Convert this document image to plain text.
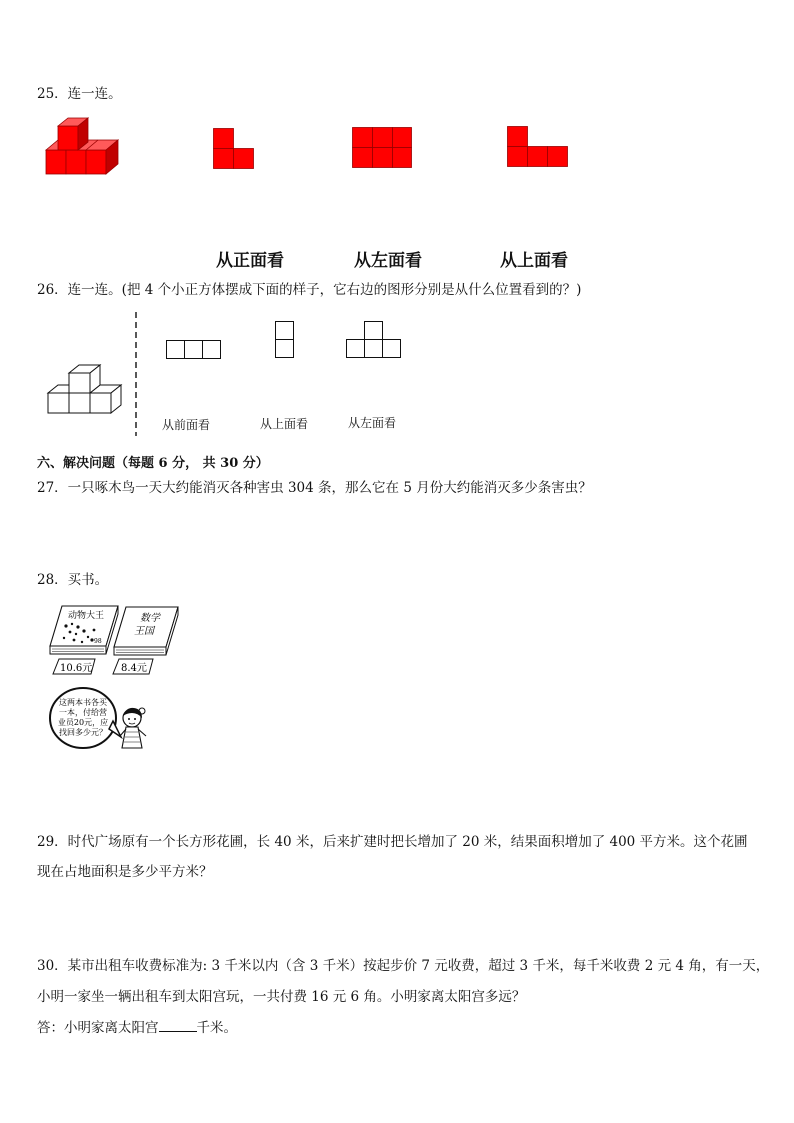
25．连一连。
从正面看	从左面看	从上面看
26．连一连。(把 4 个小正方体摆成下面的样子，它右边的图形分别是从什么位置看到的？)
从前面看	从上面看	从左面看
六、解决问题（每题 6 分， 共 30 分）
27．一只啄木鸟一天大约能消灭各种害虫 304 条，那么它在 5 月份大约能消灭多少条害虫？
28．买书。
动物大王
98
数学
王国
10.6元	8.4元
这两本书各买
一本，付给营
业员20元，应
找回多少元？
29．时代广场原有一个长方形花圃，长 40 米，后来扩建时把长增加了 20 米，结果面积增加了 400 平方米。这个花圃
现在占地面积是多少平方米？
30．某市出租车收费标准为: 3 千米以内（含 3 千米）按起步价 7 元收费，超过 3 千米，每千米收费 2 元 4 角，有一天，
小明一家坐一辆出租车到太阳宫玩，一共付费 16 元 6 角。小明家离太阳宫多远？
答：小明家离太阳宫	千米。
